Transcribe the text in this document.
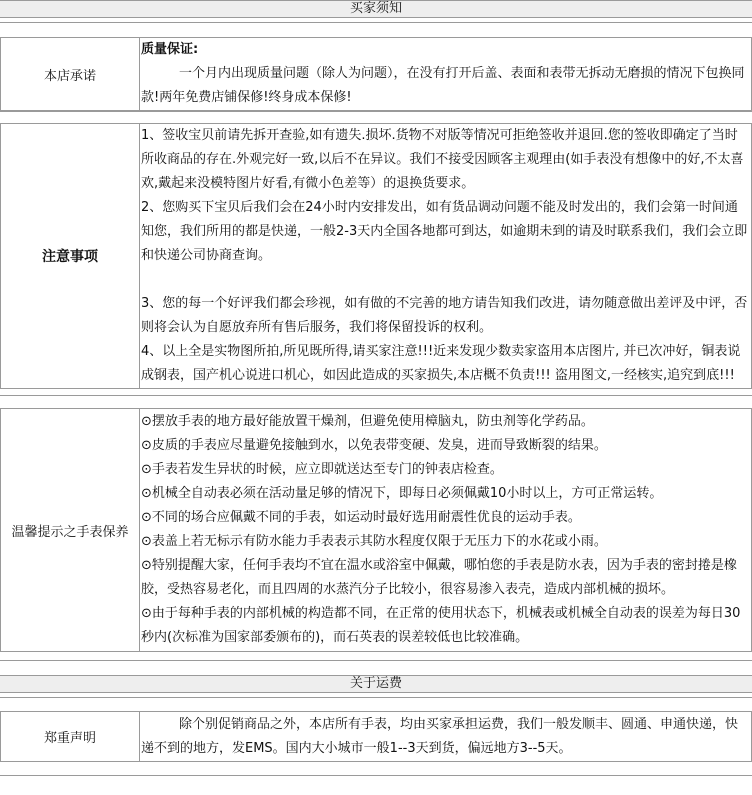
买家须知
本店承诺	

质量保证:

一个月内出现质量问题（除人为问题），在没有打开后盖、表面和表带无拆动无磨损的情况下包换同款!两年免费店铺保修!终身成本保修!

注意事项	

1、签收宝贝前请先拆开查验,如有遗失.损坏.货物不对版等情况可拒绝签收并退回.您的签收即确定了当时所收商品的存在.外观完好一致,以后不在异议。我们不接受因顾客主观理由(如手表没有想像中的好,不太喜欢,戴起来没模特图片好看,有微小色差等）的退换货要求。

2、您购买下宝贝后我们会在24小时内安排发出，如有货品调动问题不能及时发出的，我们会第一时间通知您，我们所用的都是快递，一般2-3天内全国各地都可到达，如逾期未到的请及时联系我们，我们会立即和快递公司协商查询。

3、您的每一个好评我们都会珍视，如有做的不完善的地方请告知我们改进，请勿随意做出差评及中评，否则将会认为自愿放弃所有售后服务，我们将保留投诉的权利。

4、以上全是实物图所拍,所见既所得,请买家注意!!!近来发现少数卖家盗用本店图片, 并已次冲好，铜表说成钢表，国产机心说进口机心，如因此造成的买家损失,本店概不负责!!! 盗用图文,一经核实,追究到底!!!

温馨提示之手表保养	
⊙摆放手表的地方最好能放置干燥剂，但避免使用樟脑丸，防虫剂等化学药品。
⊙皮质的手表应尽量避免接触到水，以免表带变硬、发臭，进而导致断裂的结果。
⊙手表若发生异状的时候，应立即就送达至专门的钟表店检查。
⊙机械全自动表必须在活动量足够的情况下，即每日必须佩戴10小时以上，方可正常运转。
⊙不同的场合应佩戴不同的手表，如运动时最好选用耐震性优良的运动手表。
⊙表盖上若无标示有防水能力手表表示其防水程度仅限于无压力下的水花或小雨。
⊙特别提醒大家，任何手表均不宜在温水或浴室中佩戴，哪怕您的手表是防水表，因为手表的密封捲是橡胶，受热容易老化，而且四周的水蒸汽分子比较小，很容易渗入表壳，造成内部机械的损坏。
⊙由于每种手表的内部机械的构造都不同，在正常的使用状态下，机械表或机械全自动表的误差为每日30秒内(次标准为国家部委颁布的)，而石英表的误差较低也比较准确。
关于运费
郑重声明	

除个别促销商品之外，本店所有手表，均由买家承担运费，我们一般发顺丰、圆通、申通快递，快递不到的地方，发EMS。国内大小城市一般1--3天到货，偏远地方3--5天。
